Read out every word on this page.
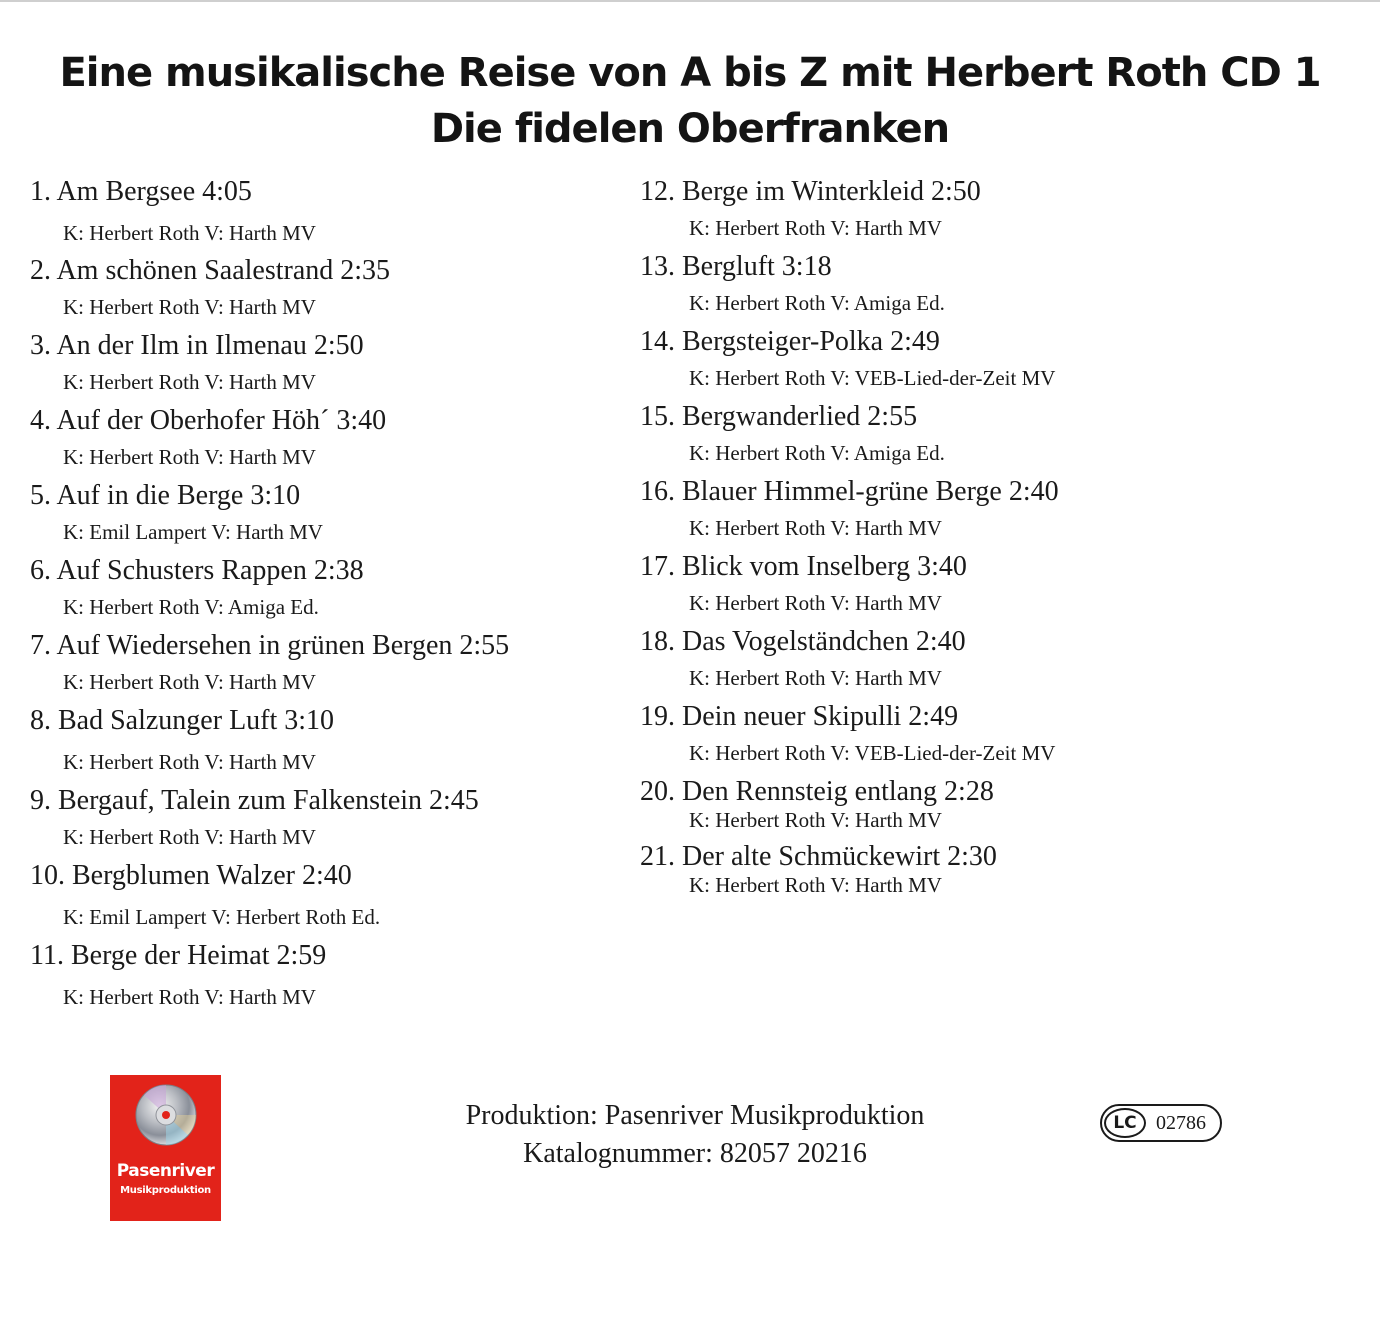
Eine musikalische Reise von A bis Z mit Herbert Roth CD 1
Die fidelen Oberfranken
1. Am Bergsee 4:05
K: Herbert Roth V: Harth MV
2. Am schönen Saalestrand 2:35
K: Herbert Roth V: Harth MV
3. An der Ilm in Ilmenau 2:50
K: Herbert Roth V: Harth MV
4. Auf der Oberhofer Höh´ 3:40
K: Herbert Roth V: Harth MV
5. Auf in die Berge 3:10
K: Emil Lampert V: Harth MV
6. Auf Schusters Rappen 2:38
K: Herbert Roth V: Amiga Ed.
7. Auf Wiedersehen in grünen Bergen 2:55
K: Herbert Roth V: Harth MV
8. Bad Salzunger Luft 3:10
K: Herbert Roth V: Harth MV
9. Bergauf, Talein zum Falkenstein 2:45
K: Herbert Roth V: Harth MV
10. Bergblumen Walzer 2:40
K: Emil Lampert V: Herbert Roth Ed.
11. Berge der Heimat 2:59
K: Herbert Roth V: Harth MV
12. Berge im Winterkleid 2:50
K: Herbert Roth V: Harth MV
13. Bergluft 3:18
K: Herbert Roth V: Amiga Ed.
14. Bergsteiger-Polka 2:49
K: Herbert Roth V: VEB-Lied-der-Zeit MV
15. Bergwanderlied 2:55
K: Herbert Roth V: Amiga Ed.
16. Blauer Himmel-grüne Berge 2:40
K: Herbert Roth V: Harth MV
17. Blick vom Inselberg 3:40
K: Herbert Roth V: Harth MV
18. Das Vogelständchen 2:40
K: Herbert Roth V: Harth MV
19. Dein neuer Skipulli 2:49
K: Herbert Roth V: VEB-Lied-der-Zeit MV
20. Den Rennsteig entlang 2:28
K: Herbert Roth V: Harth MV
21. Der alte Schmückewirt 2:30
K: Herbert Roth V: Harth MV
Pasenriver
Musikproduktion
Produktion: Pasenriver Musikproduktion
Katalognummer: 82057 20216
LC 02786
